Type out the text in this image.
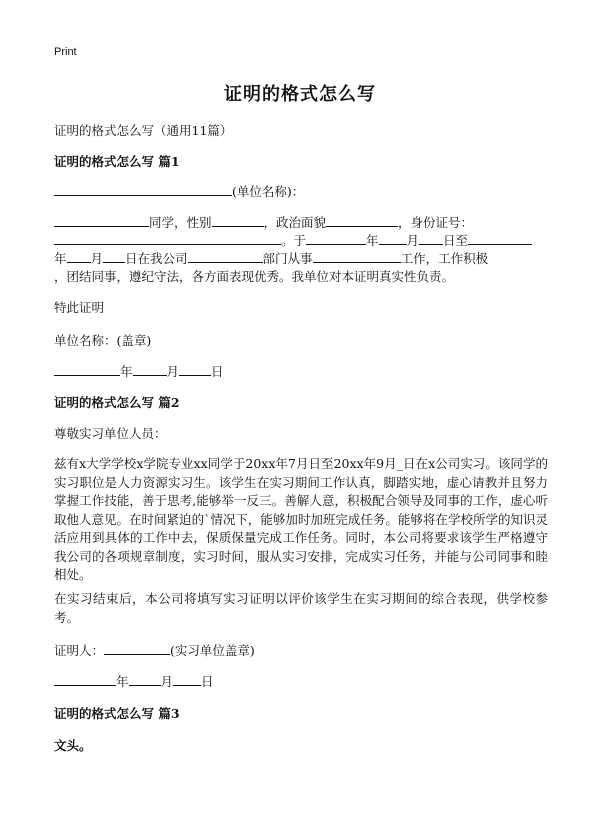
Print
证明的格式怎么写
证明的格式怎么写（通用11篇）
证明的格式怎么写 篇1
(单位名称)：
同学，性别	，政治面貌	，身份证号：
。于	年 月 日至
年 月 日在我公司	部门从事	工作，工作积极
，团结同事，遵纪守法，各方面表现优秀。我单位对本证明真实性负责。
特此证明
单位名称：(盖章)
年	月	日
证明的格式怎么写 篇2
尊敬实习单位人员：
兹有x大学学校x学院专业xx同学于20xx年7月日至20xx年9月_日在x公司实习。该同学的实习职位是人力资源实习生。该学生在实习期间工作认真，脚踏实地，虚心请教并且努力掌握工作技能，善于思考,能够举一反三。善解人意，积极配合领导及同事的工作，虚心听取他人意见。在时间紧迫的`情况下，能够加时加班完成任务。能够将在学校所学的知识灵活应用到具体的工作中去，保质保量完成工作任务。同时，本公司将要求该学生严格遵守我公司的各项规章制度，实习时间，服从实习安排，完成实习任务，并能与公司同事和睦相处。
在实习结束后，本公司将填写实习证明以评价该学生在实习期间的综合表现，供学校参考。
证明人：	(实习单位盖章)
年	月 日
证明的格式怎么写 篇3
文头。
